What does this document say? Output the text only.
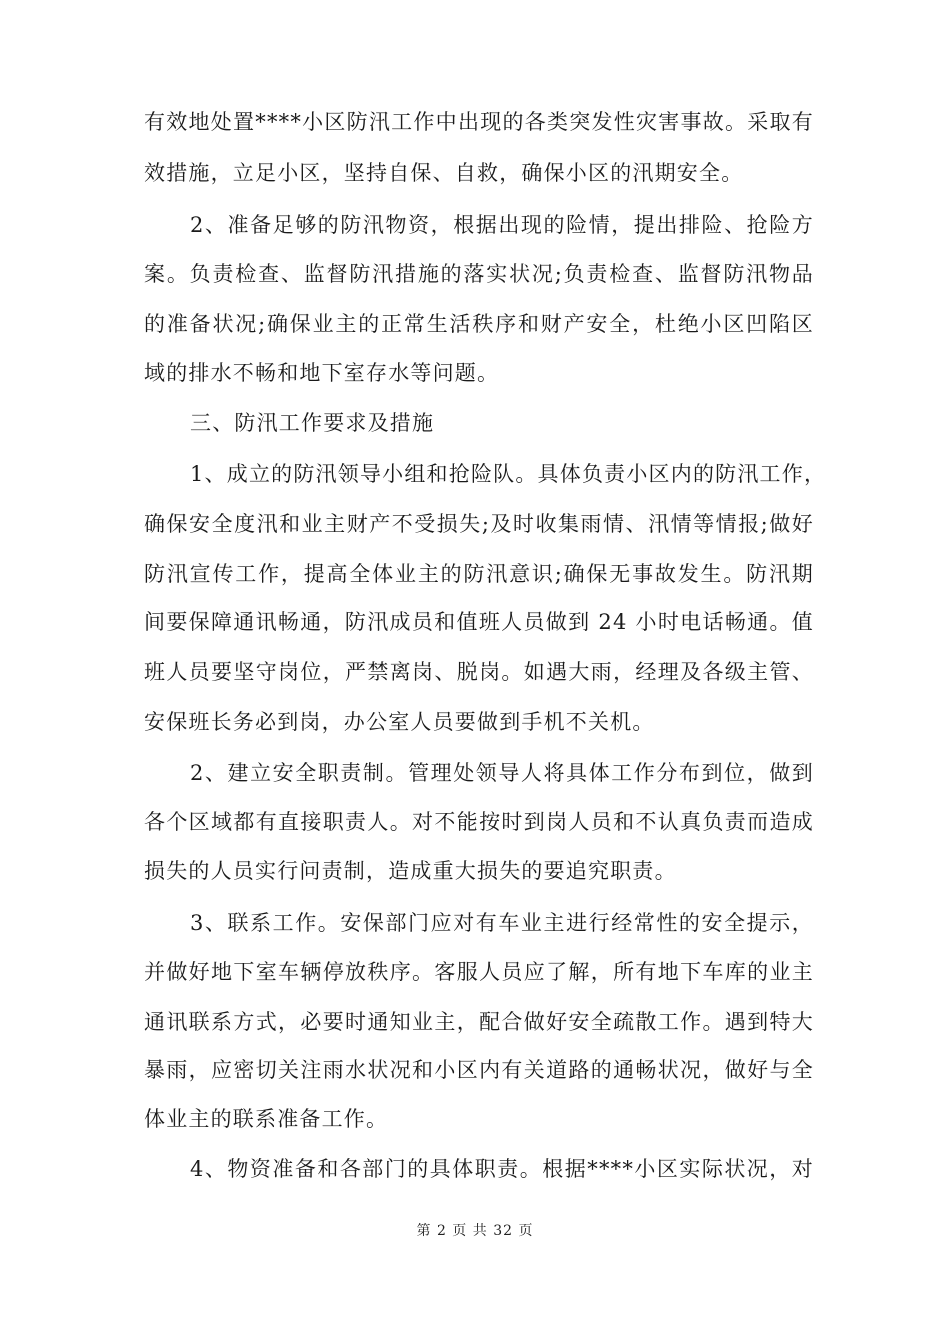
有效地处置****小区防汛工作中出现的各类突发性灾害事故。采取有
效措施，立足小区，坚持自保、自救，确保小区的汛期安全。
2、准备足够的防汛物资，根据出现的险情，提出排险、抢险方
案。负责检查、监督防汛措施的落实状况;负责检查、监督防汛物品
的准备状况;确保业主的正常生活秩序和财产安全，杜绝小区凹陷区
域的排水不畅和地下室存水等问题。
三、防汛工作要求及措施
1、成立的防汛领导小组和抢险队。具体负责小区内的防汛工作，
确保安全度汛和业主财产不受损失;及时收集雨情、汛情等情报;做好
防汛宣传工作，提高全体业主的防汛意识;确保无事故发生。防汛期
间要保障通讯畅通，防汛成员和值班人员做到 24 小时电话畅通。值
班人员要坚守岗位，严禁离岗、脱岗。如遇大雨，经理及各级主管、
安保班长务必到岗，办公室人员要做到手机不关机。
2、建立安全职责制。管理处领导人将具体工作分布到位，做到
各个区域都有直接职责人。对不能按时到岗人员和不认真负责而造成
损失的人员实行问责制，造成重大损失的要追究职责。
3、联系工作。安保部门应对有车业主进行经常性的安全提示，
并做好地下室车辆停放秩序。客服人员应了解，所有地下车库的业主
通讯联系方式，必要时通知业主，配合做好安全疏散工作。遇到特大
暴雨，应密切关注雨水状况和小区内有关道路的通畅状况，做好与全
体业主的联系准备工作。
4、物资准备和各部门的具体职责。根据****小区实际状况，对
第 2 页 共 32 页
